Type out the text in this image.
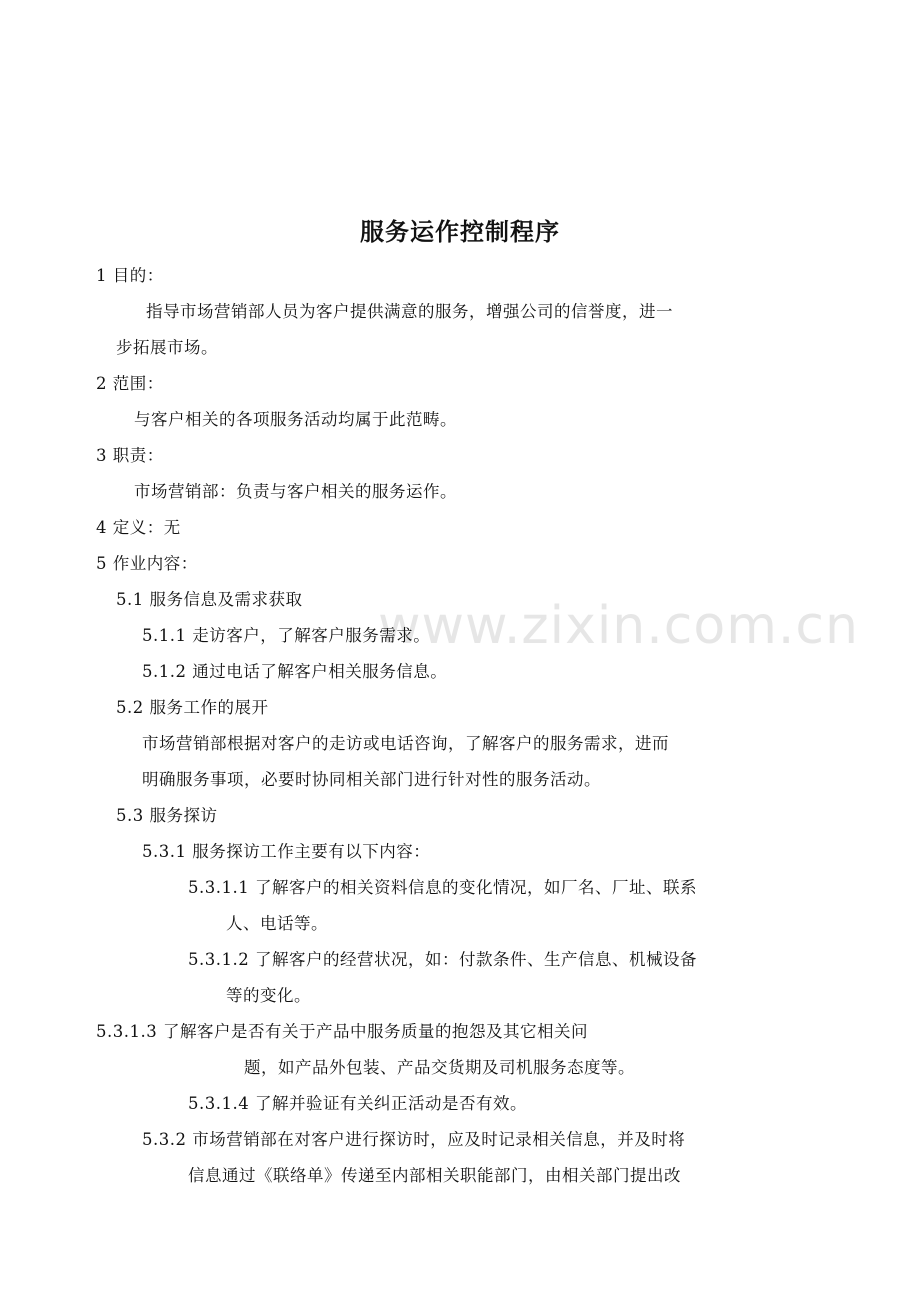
www.zixin.com.cn
服务运作控制程序
1 目的：
指导市场营销部人员为客户提供满意的服务，增强公司的信誉度，进一
步拓展市场。
2 范围：
与客户相关的各项服务活动均属于此范畴。
3 职责：
市场营销部：负责与客户相关的服务运作。
4 定义：无
5 作业内容：
5.1 服务信息及需求获取
5.1.1 走访客户，了解客户服务需求。
5.1.2 通过电话了解客户相关服务信息。
5.2 服务工作的展开
市场营销部根据对客户的走访或电话咨询，了解客户的服务需求，进而
明确服务事项，必要时协同相关部门进行针对性的服务活动。
5.3 服务探访
5.3.1 服务探访工作主要有以下内容：
5.3.1.1 了解客户的相关资料信息的变化情况，如厂名、厂址、联系
人、电话等。
5.3.1.2 了解客户的经营状况，如：付款条件、生产信息、机械设备
等的变化。
5.3.1.3 了解客户是否有关于产品中服务质量的抱怨及其它相关问
题，如产品外包装、产品交货期及司机服务态度等。
5.3.1.4 了解并验证有关纠正活动是否有效。
5.3.2 市场营销部在对客户进行探访时，应及时记录相关信息，并及时将
信息通过《联络单》传递至内部相关职能部门，由相关部门提出改
